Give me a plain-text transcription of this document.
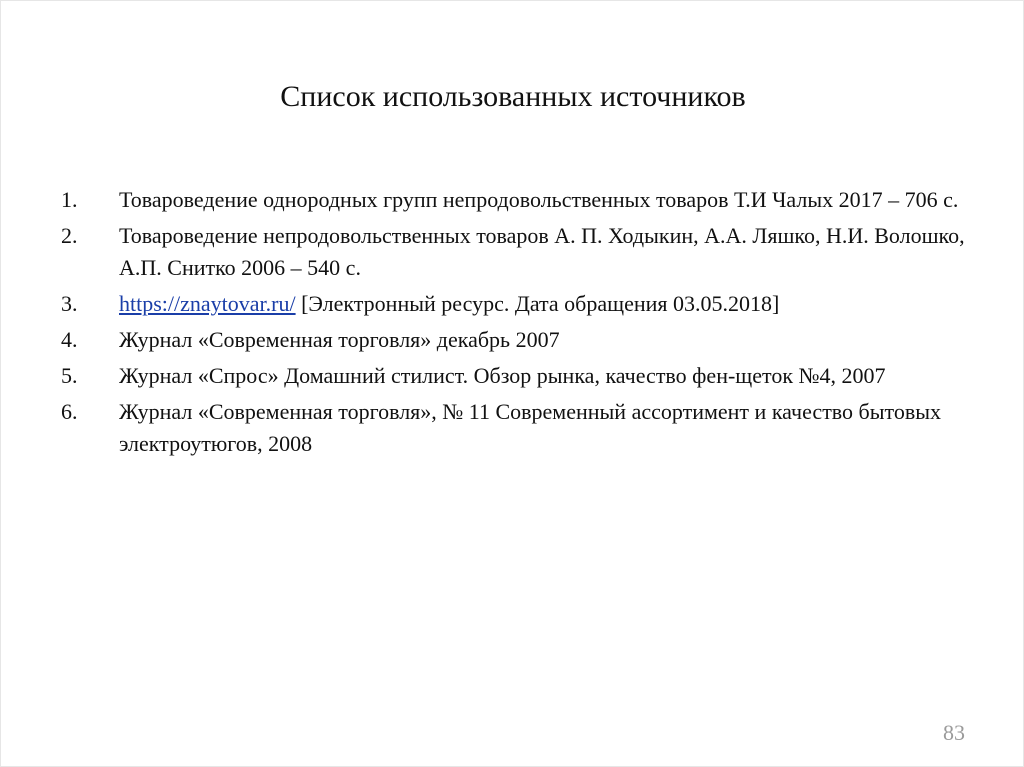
Список использованных источников
1.	Товароведение однородных групп непродовольственных товаров Т.И Чалых 2017 – 706 с.
2.	Товароведение непродовольственных товаров А. П. Ходыкин, А.А. Ляшко, Н.И. Волошко, А.П. Снитко 2006 – 540 с.
3.	https://znaytovar.ru/ [Электронный ресурс. Дата обращения 03.05.2018]
4.	Журнал «Современная торговля» декабрь 2007
5.	Журнал «Спрос» Домашний стилист. Обзор рынка, качество фен-щеток №4, 2007
6.	Журнал «Современная торговля», № 11 Современный ассортимент и качество бытовых электроутюгов, 2008
83
